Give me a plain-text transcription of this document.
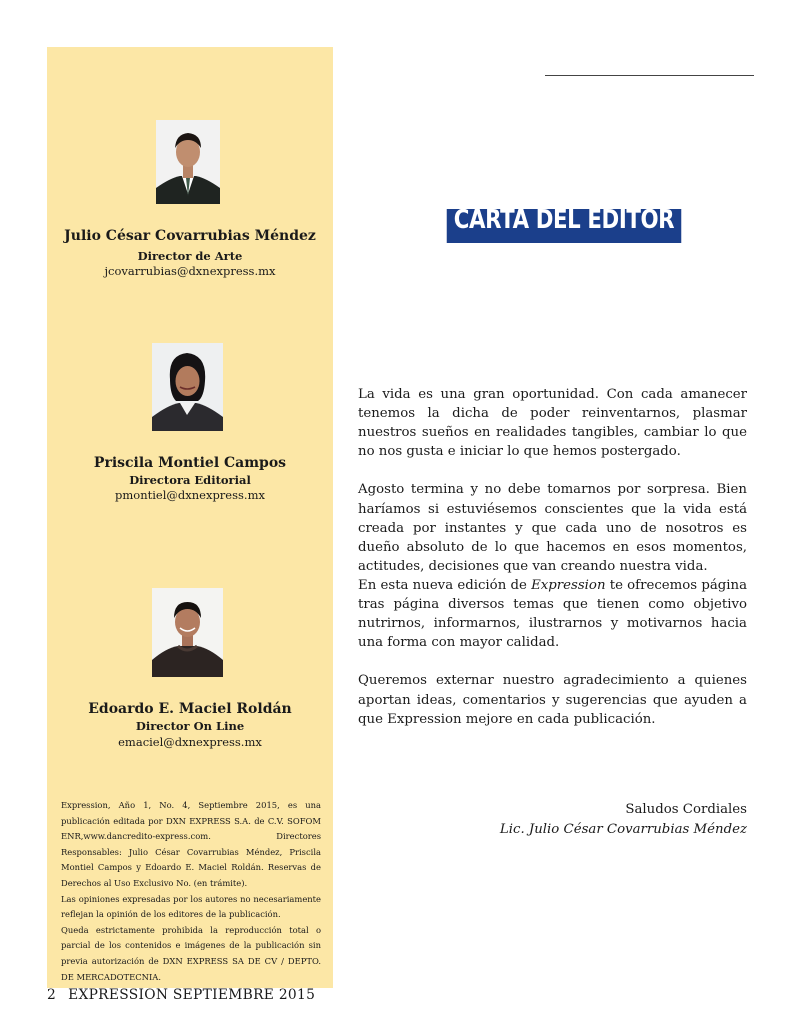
Julio César Covarrubias Méndez
Director de Arte
jcovarrubias@dxnexpress.mx
Priscila Montiel Campos
Directora Editorial
pmontiel@dxnexpress.mx
Edoardo E. Maciel Roldán
Director On Line
emaciel@dxnexpress.mx

Expression, Año 1, No. 4, Septiembre 2015, es una publicación editada por DXN EXPRESS S.A. de C.V. SOFOM ENR,www.dancredito-express.com. Directores Responsables: Julio César Covarrubias Méndez, Priscila Montiel Campos y Edoardo E. Maciel Roldán. Reservas de Derechos al Uso Exclusivo No. (en trámite).

Las opiniones expresadas por los autores no necesariamente reflejan la opinión de los editores de la publicación.

Queda estrictamente prohibida la reproducción total o parcial de los contenidos e imágenes de la publicación sin previa autorización de DXN EXPRESS SA DE CV / DEPTO. DE MERCADOTECNIA.

CARTA DEL EDITOR

La vida es una gran oportunidad. Con cada amanecer tenemos la dicha de poder reinventarnos, plasmar nuestros sueños en realidades tangibles, cambiar lo que no nos gusta e iniciar lo que hemos postergado.

Agosto termina y no debe tomarnos por sorpresa. Bien haríamos si estuviésemos conscientes que la vida está creada por instantes y que cada uno de nosotros es dueño absoluto de lo que hacemos en esos momentos, actitudes, decisiones que van creando nuestra vida.

En esta nueva edición de Expression te ofrecemos página tras página diversos temas que tienen como objetivo nutrirnos, informarnos, ilustrarnos y motivarnos hacia una forma con mayor calidad.

Queremos externar nuestro agradecimiento a quienes aportan ideas, comentarios y sugerencias que ayuden a que Expression mejore en cada publicación.

Saludos Cordiales
Lic. Julio César Covarrubias Méndez
2 EXPRESSION SEPTIEMBRE 2015
